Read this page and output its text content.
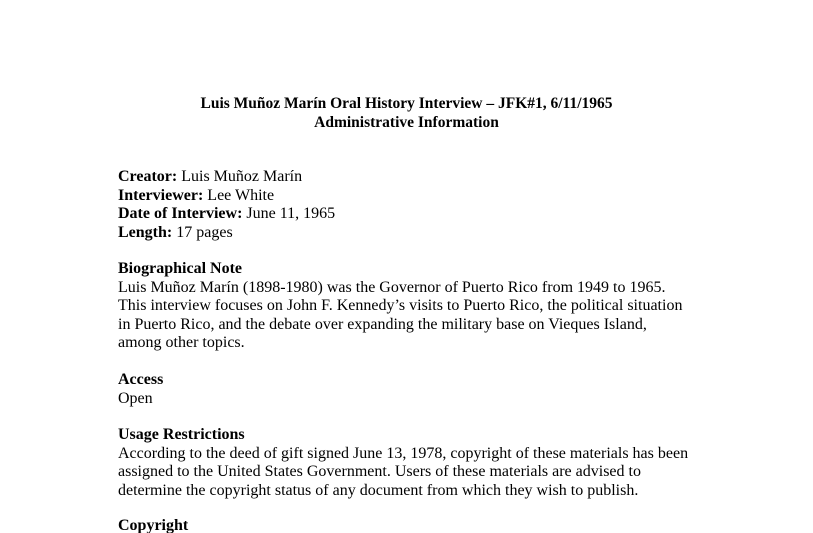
Luis Muñoz Marín Oral History Interview – JFK#1, 6/11/1965
Administrative Information
Creator: Luis Muñoz Marín
Interviewer: Lee White
Date of Interview: June 11, 1965
Length: 17 pages
Biographical Note
Luis Muñoz Marín (1898-1980) was the Governor of Puerto Rico from 1949 to 1965.
This interview focuses on John F. Kennedy’s visits to Puerto Rico, the political situation
in Puerto Rico, and the debate over expanding the military base on Vieques Island,
among other topics.
Access
Open
Usage Restrictions
According to the deed of gift signed June 13, 1978, copyright of these materials has been
assigned to the United States Government. Users of these materials are advised to
determine the copyright status of any document from which they wish to publish.
Copyright
